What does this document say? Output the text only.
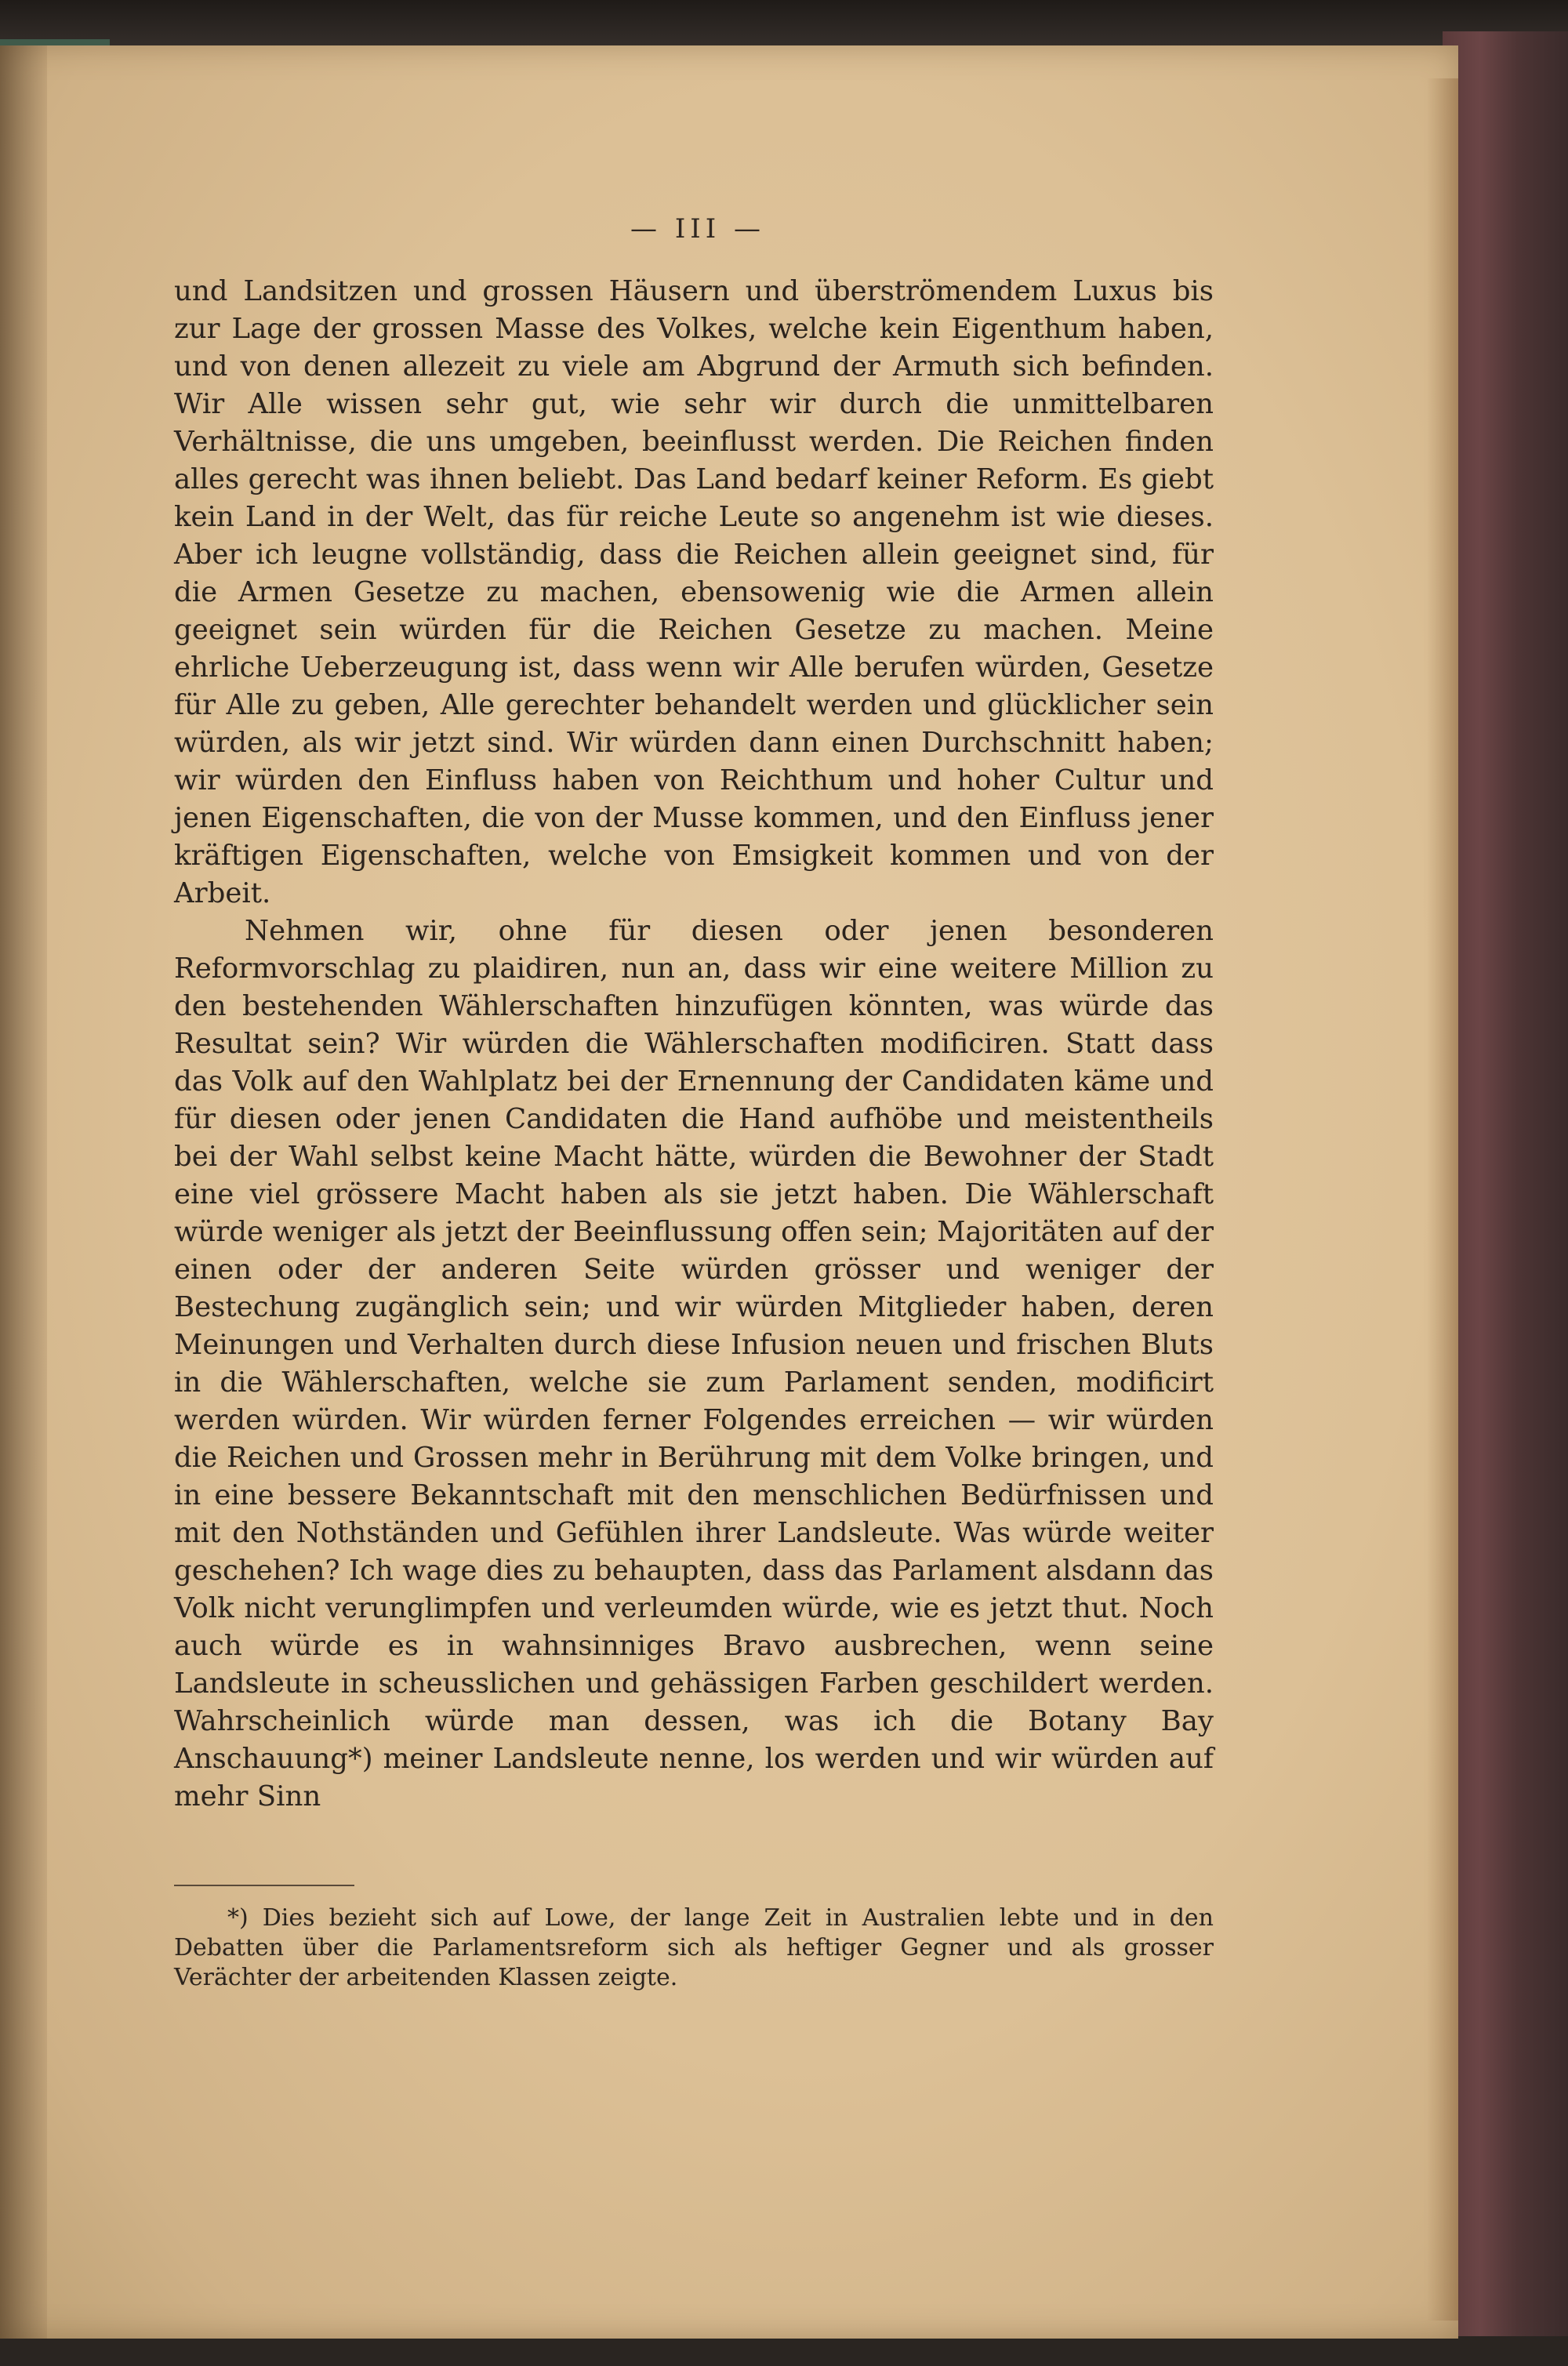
— III —

und Landsitzen und grossen Häusern und überströmendem Luxus bis zur Lage der grossen Masse des Volkes, welche kein Eigenthum haben, und von denen allezeit zu viele am Abgrund der Armuth sich befinden. Wir Alle wissen sehr gut, wie sehr wir durch die unmittelbaren Verhältnisse, die uns umgeben, beeinflusst werden. Die Reichen finden alles gerecht was ihnen beliebt. Das Land bedarf keiner Reform. Es giebt kein Land in der Welt, das für reiche Leute so angenehm ist wie dieses. Aber ich leugne vollständig, dass die Reichen allein geeignet sind, für die Armen Gesetze zu machen, ebensowenig wie die Armen allein geeignet sein würden für die Reichen Gesetze zu machen. Meine ehrliche Ueberzeugung ist, dass wenn wir Alle berufen würden, Gesetze für Alle zu geben, Alle gerechter behandelt werden und glücklicher sein würden, als wir jetzt sind. Wir würden dann einen Durchschnitt haben; wir würden den Einfluss haben von Reichthum und hoher Cultur und jenen Eigenschaften, die von der Musse kommen, und den Einfluss jener kräftigen Eigenschaften, welche von Emsigkeit kommen und von der Arbeit.

Nehmen wir, ohne für diesen oder jenen besonderen Reformvorschlag zu plaidiren, nun an, dass wir eine weitere Million zu den bestehenden Wählerschaften hinzufügen könnten, was würde das Resultat sein? Wir würden die Wählerschaften modificiren. Statt dass das Volk auf den Wahlplatz bei der Ernennung der Candidaten käme und für diesen oder jenen Candidaten die Hand aufhöbe und meistentheils bei der Wahl selbst keine Macht hätte, würden die Bewohner der Stadt eine viel grössere Macht haben als sie jetzt haben. Die Wählerschaft würde weniger als jetzt der Beeinflussung offen sein; Majoritäten auf der einen oder der anderen Seite würden grösser und weniger der Bestechung zugänglich sein; und wir würden Mitglieder haben, deren Meinungen und Verhalten durch diese Infusion neuen und frischen Bluts in die Wählerschaften, welche sie zum Parlament senden, modificirt werden würden. Wir würden ferner Folgendes erreichen — wir würden die Reichen und Grossen mehr in Berührung mit dem Volke bringen, und in eine bessere Bekanntschaft mit den menschlichen Bedürfnissen und mit den Nothständen und Gefühlen ihrer Landsleute. Was würde weiter geschehen? Ich wage dies zu behaupten, dass das Parlament alsdann das Volk nicht verunglimpfen und verleumden würde, wie es jetzt thut. Noch auch würde es in wahnsinniges Bravo ausbrechen, wenn seine Landsleute in scheusslichen und gehässigen Farben geschildert werden. Wahrscheinlich würde man dessen, was ich die Botany Bay Anschauung*) meiner Landsleute nenne, los werden und wir würden auf mehr Sinn

*) Dies bezieht sich auf Lowe, der lange Zeit in Australien lebte und in den Debatten über die Parlamentsreform sich als heftiger Gegner und als grosser Verächter der arbeitenden Klassen zeigte.
